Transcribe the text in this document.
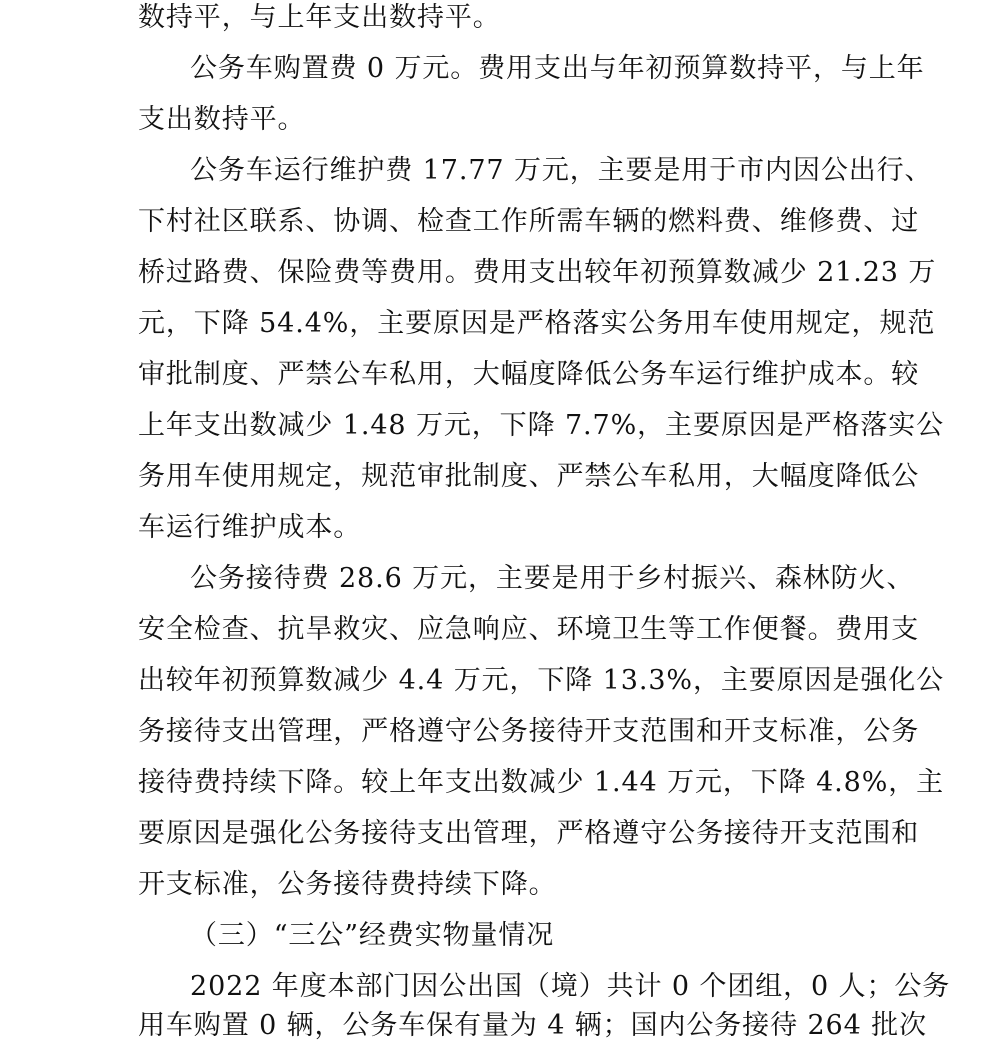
数持平，与上年支出数持平。
公务车购置费 0 万元。费用支出与年初预算数持平，与上年
支出数持平。
公务车运行维护费 17.77 万元，主要是用于市内因公出行、
下村社区联系、协调、检查工作所需车辆的燃料费、维修费、过
桥过路费、保险费等费用。费用支出较年初预算数减少 21.23 万
元，下降 54.4%，主要原因是严格落实公务用车使用规定，规范
审批制度、严禁公车私用，大幅度降低公务车运行维护成本。较
上年支出数减少 1.48 万元，下降 7.7%，主要原因是严格落实公
务用车使用规定，规范审批制度、严禁公车私用，大幅度降低公
车运行维护成本。
公务接待费 28.6 万元，主要是用于乡村振兴、森林防火、
安全检查、抗旱救灾、应急响应、环境卫生等工作便餐。费用支
出较年初预算数减少 4.4 万元，下降 13.3%，主要原因是强化公
务接待支出管理，严格遵守公务接待开支范围和开支标准，公务
接待费持续下降。较上年支出数减少 1.44 万元，下降 4.8%，主
要原因是强化公务接待支出管理，严格遵守公务接待开支范围和
开支标准，公务接待费持续下降。
（三）“三公”经费实物量情况
2022 年度本部门因公出国（境）共计 0 个团组，0 人；公务
用车购置 0 辆，公务车保有量为 4 辆；国内公务接待 264 批次
